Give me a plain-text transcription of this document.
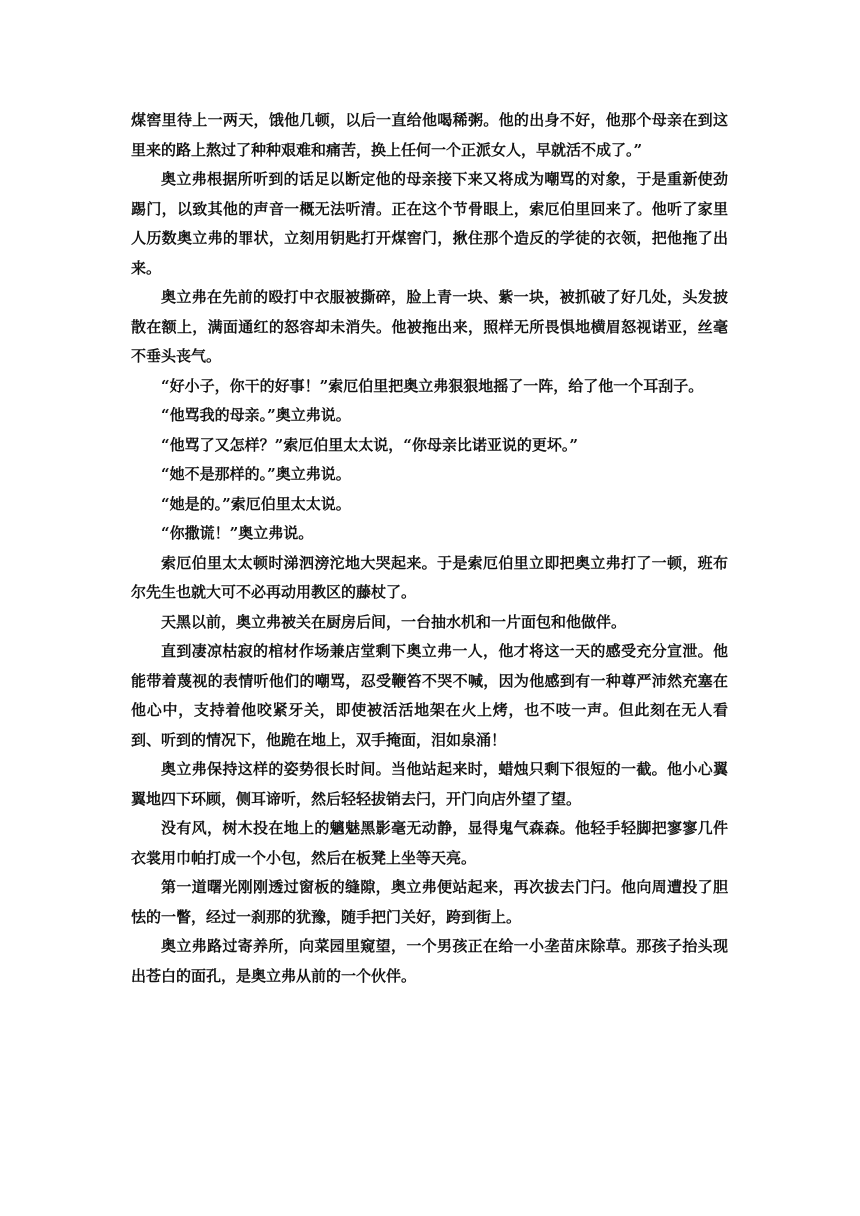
煤窖里待上一两天，饿他几顿，以后一直给他喝稀粥。他的出身不好，他那个母亲在到这里来的路上熬过了种种艰难和痛苦，换上任何一个正派女人，早就活不成了。”

奥立弗根据所听到的话足以断定他的母亲接下来又将成为嘲骂的对象，于是重新使劲踢门，以致其他的声音一概无法听清。正在这个节骨眼上，索厄伯里回来了。他听了家里人历数奥立弗的罪状，立刻用钥匙打开煤窖门，揪住那个造反的学徒的衣领，把他拖了出来。

奥立弗在先前的殴打中衣服被撕碎，脸上青一块、紫一块，被抓破了好几处，头发披散在额上，满面通红的怒容却未消失。他被拖出来，照样无所畏惧地横眉怒视诺亚，丝毫不垂头丧气。

“好小子，你干的好事！”索厄伯里把奥立弗狠狠地摇了一阵，给了他一个耳刮子。

“他骂我的母亲。”奥立弗说。

“他骂了又怎样？”索厄伯里太太说，“你母亲比诺亚说的更坏。”

“她不是那样的。”奥立弗说。

“她是的。”索厄伯里太太说。

“你撒谎！”奥立弗说。

索厄伯里太太顿时涕泗滂沱地大哭起来。于是索厄伯里立即把奥立弗打了一顿，班布尔先生也就大可不必再动用教区的藤杖了。

天黑以前，奥立弗被关在厨房后间，一台抽水机和一片面包和他做伴。

直到凄凉枯寂的棺材作场兼店堂剩下奥立弗一人，他才将这一天的感受充分宣泄。他能带着蔑视的表情听他们的嘲骂，忍受鞭笞不哭不喊，因为他感到有一种尊严沛然充塞在他心中，支持着他咬紧牙关，即使被活活地架在火上烤，也不吱一声。但此刻在无人看到、听到的情况下，他跪在地上，双手掩面，泪如泉涌！

奥立弗保持这样的姿势很长时间。当他站起来时，蜡烛只剩下很短的一截。他小心翼翼地四下环顾，侧耳谛听，然后轻轻拔销去闩，开门向店外望了望。

没有风，树木投在地上的魑魅黑影毫无动静，显得鬼气森森。他轻手轻脚把寥寥几件衣裳用巾帕打成一个小包，然后在板凳上坐等天亮。

第一道曙光刚刚透过窗板的缝隙，奥立弗便站起来，再次拔去门闩。他向周遭投了胆怯的一瞥，经过一刹那的犹豫，随手把门关好，跨到街上。

奥立弗路过寄养所，向菜园里窥望，一个男孩正在给一小垄苗床除草。那孩子抬头现出苍白的面孔，是奥立弗从前的一个伙伴。
